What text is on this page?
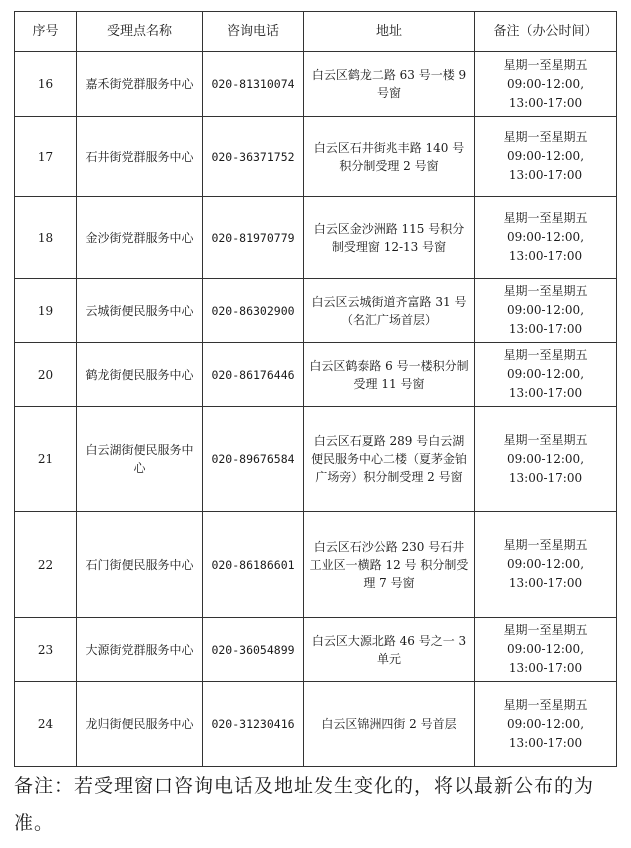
序号	受理点名称	咨询电话	地址	备注（办公时间）
16	嘉禾街党群服务中心	020-81310074	白云区鹤龙二路 63 号一楼 9 号窗	星期一至星期五
09:00-12:00,
13:00-17:00

17	石井街党群服务中心	020-36371752	白云区石井街兆丰路 140 号积分制受理 2 号窗	星期一至星期五
09:00-12:00,
13:00-17:00

18	金沙街党群服务中心	020-81970779	白云区金沙洲路 115 号积分制受理窗 12-13 号窗	星期一至星期五
09:00-12:00,
13:00-17:00

19	云城街便民服务中心	020-86302900	白云区云城街道齐富路 31 号（名汇广场首层）	星期一至星期五
09:00-12:00,
13:00-17:00

20	鹤龙街便民服务中心	020-86176446	白云区鹤泰路 6 号一楼积分制受理 11 号窗	星期一至星期五
09:00-12:00,
13:00-17:00

21	白云湖街便民服务中心	020-89676584	白云区石夏路 289 号白云湖便民服务中心二楼（夏茅金铂广场旁）积分制受理 2 号窗	星期一至星期五
09:00-12:00,
13:00-17:00

22	石门街便民服务中心	020-86186601	白云区石沙公路 230 号石井工业区一横路 12 号 积分制受理 7 号窗	星期一至星期五
09:00-12:00,
13:00-17:00

23	大源街党群服务中心	020-36054899	白云区大源北路 46 号之一 3 单元	星期一至星期五
09:00-12:00,
13:00-17:00

24	龙归街便民服务中心	020-31230416	白云区锦洲四街 2 号首层	星期一至星期五
09:00-12:00,
13:00-17:00
备注：若受理窗口咨询电话及地址发生变化的，将以最新公布的为准。
